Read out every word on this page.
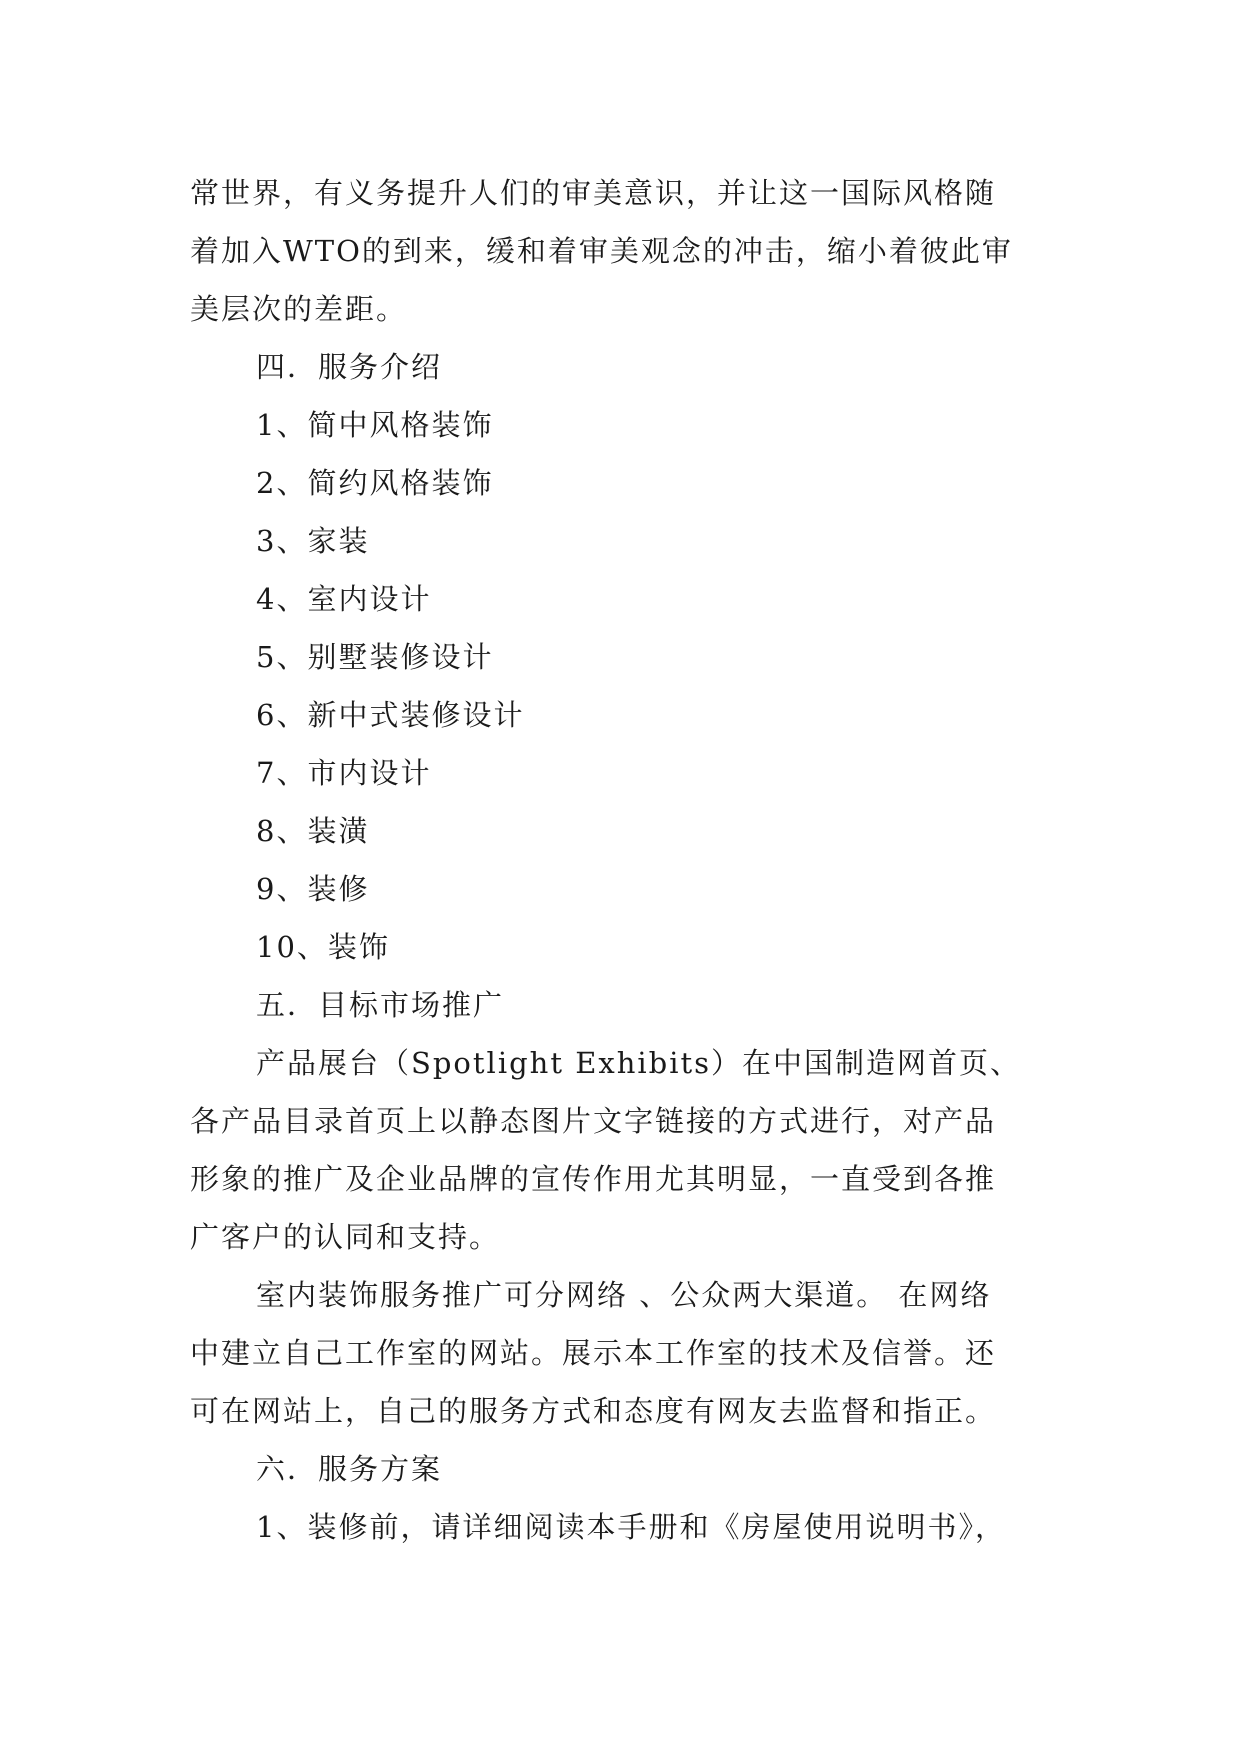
常世界，有义务提升人们的审美意识，并让这一国际风格随
着加入WTO的到来，缓和着审美观念的冲击，缩小着彼此审
美层次的差距。
四．服务介绍
1、简中风格装饰
2、简约风格装饰
3、家装
4、室内设计
5、别墅装修设计
6、新中式装修设计
7、市内设计
8、装潢
9、装修
10、装饰
五．目标市场推广
产品展台（Spotlight Exhibits）在中国制造网首页、
各产品目录首页上以静态图片文字链接的方式进行，对产品
形象的推广及企业品牌的宣传作用尤其明显，一直受到各推
广客户的认同和支持。
室内装饰服务推广可分网络 、公众两大渠道。 在网络
中建立自己工作室的网站。展示本工作室的技术及信誉。还
可在网站上，自己的服务方式和态度有网友去监督和指正。
六．服务方案
1、装修前，请详细阅读本手册和《房屋使用说明书》，
